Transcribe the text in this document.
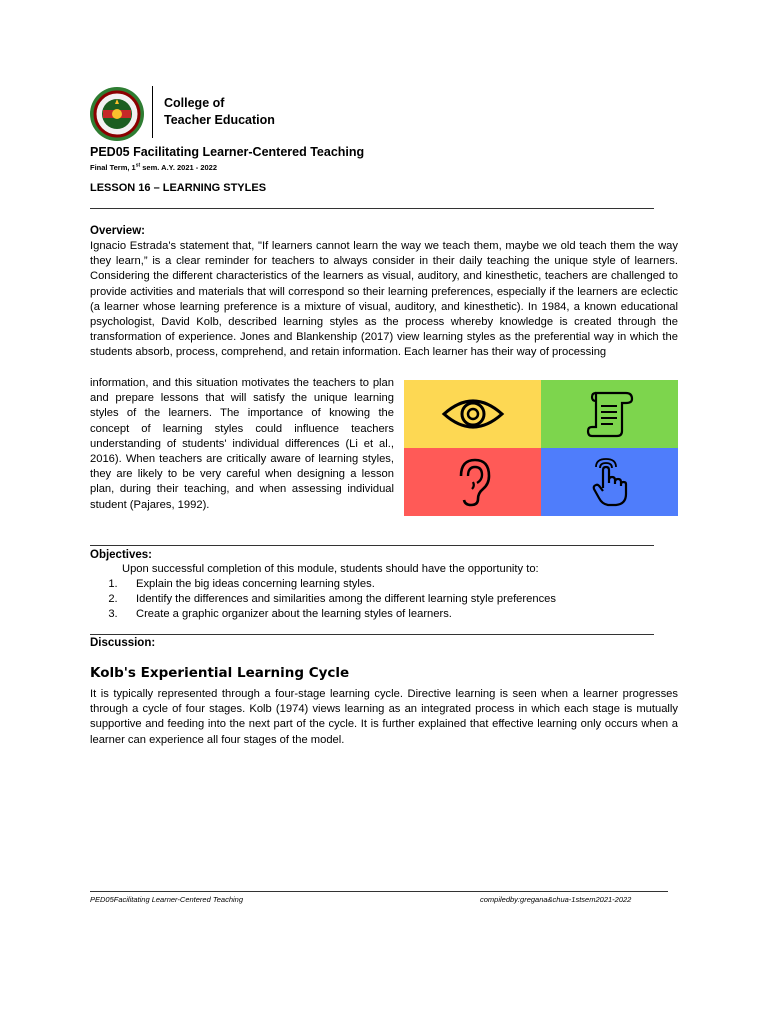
College of
Teacher Education
PED05 Facilitating Learner-Centered Teaching
Final Term, 1st sem. A.Y. 2021 - 2022
LESSON 16 – LEARNING STYLES
Overview:
Ignacio Estrada's statement that, "If learners cannot learn the way we teach them, maybe we old teach them the way they learn,” is a clear reminder for teachers to always consider in their daily teaching the unique style of learners. Considering the different characteristics of the learners as visual, auditory, and kinesthetic, teachers are challenged to provide activities and materials that will correspond so their learning preferences, especially if the learners are eclectic (a learner whose learning preference is a mixture of visual, auditory, and kinesthetic). In 1984, a known educational psychologist, David Kolb, described learning styles as the process whereby knowledge is created through the transformation of experience. Jones and Blankenship (2017) view learning styles as the preferential way in which the students absorb, process, comprehend, and retain information. Each learner has their way of processing
information, and this situation motivates the teachers to plan and prepare lessons that will satisfy the unique learning styles of the learners. The importance of knowing the concept of learning styles could influence teachers understanding of students' individual differences (Li et al., 2016). When teachers are critically aware of learning styles, they are likely to be very careful when designing a lesson plan, during their teaching, and when assessing individual student (Pajares, 1992).
Objectives:
Upon successful completion of this module, students should have the opportunity to:
1.	Explain the big ideas concerning learning styles.
2.	Identify the differences and similarities among the different learning style preferences
3.	Create a graphic organizer about the learning styles of learners.
Discussion:
Kolb's Experiential Learning Cycle
It is typically represented through a four-stage learning cycle. Directive learning is seen when a learner progresses through a cycle of four stages. Kolb (1974) views learning as an integrated process in which each stage is mutually supportive and feeding into the next part of the cycle. It is further explained that effective learning only occurs when a learner can experience all four stages of the model.
PED05Facilitating Learner-Centered Teaching	compiledby:gregana&chua-1stsem2021-2022
